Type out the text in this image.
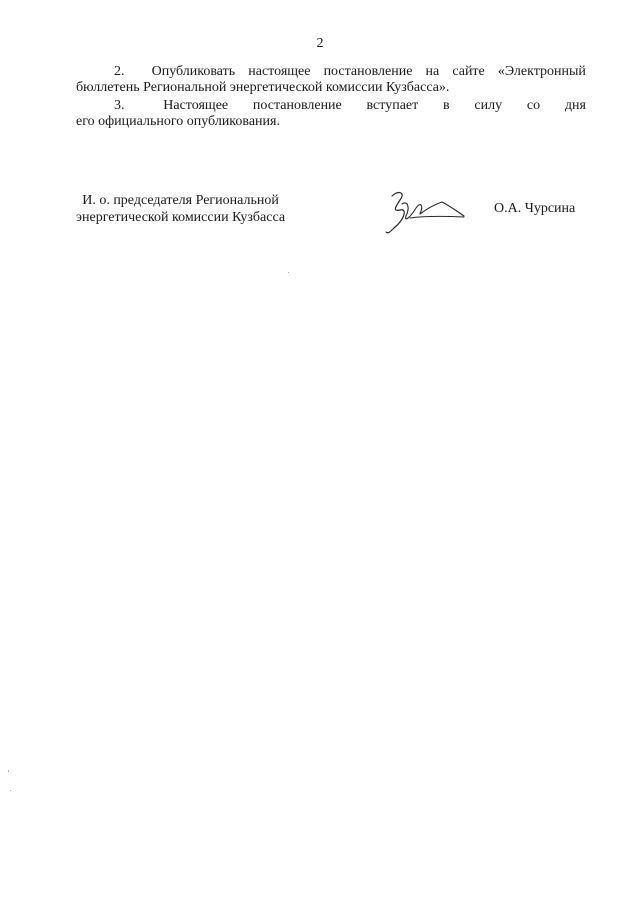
2
2. Опубликовать настоящее постановление на сайте «Электронный
бюллетень Региональной энергетической комиссии Кузбасса».
3.	Настоящее постановление вступает в силу со дня
его официального опубликования.
И. о. председателя Региональной
энергетической комиссии Кузбасса
О.А. Чурсина
